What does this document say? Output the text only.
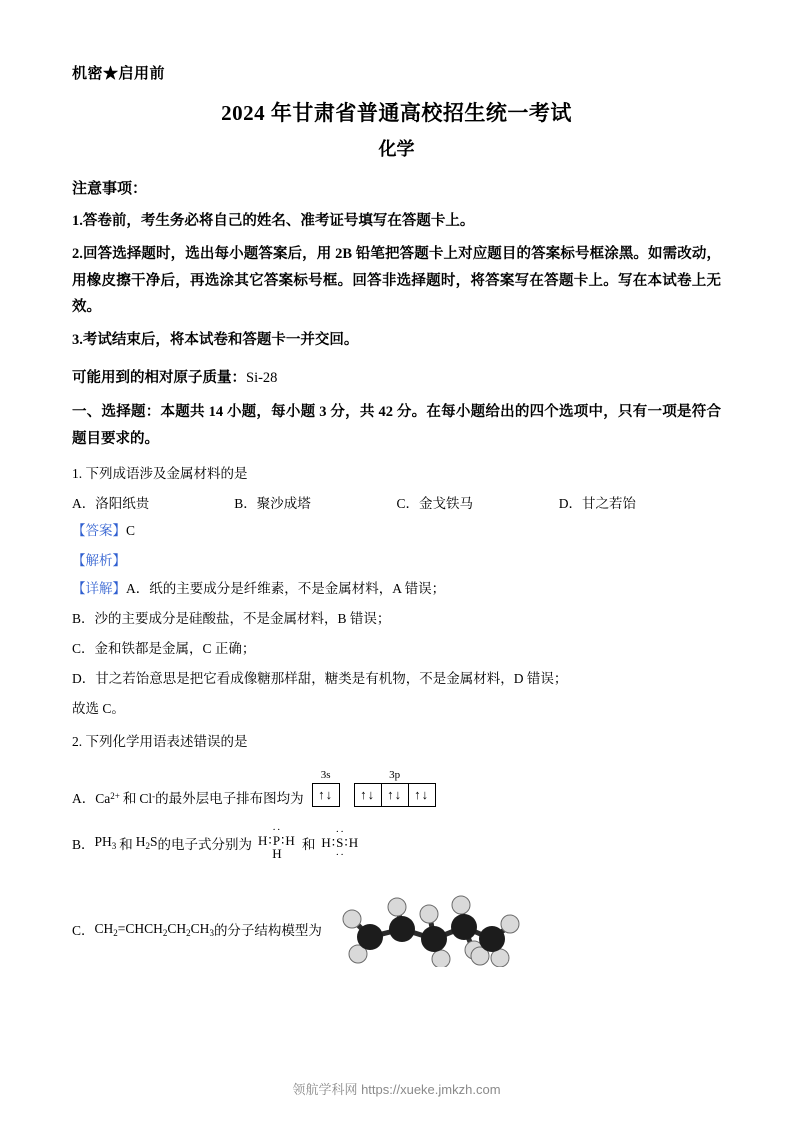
机密★启用前
2024 年甘肃省普通高校招生统一考试
化学
注意事项：
1.答卷前，考生务必将自己的姓名、准考证号填写在答题卡上。
2.回答选择题时，选出每小题答案后，用 2B 铅笔把答题卡上对应题目的答案标号框涂黑。如需改动，用橡皮擦干净后，再选涂其它答案标号框。回答非选择题时，将答案写在答题卡上。写在本试卷上无效。
3.考试结束后，将本试卷和答题卡一并交回。
可能用到的相对原子质量：Si-28
一、选择题：本题共 14 小题，每小题 3 分，共 42 分。在每小题给出的四个选项中，只有一项是符合题目要求的。
1. 下列成语涉及金属材料的是
A．洛阳纸贵	B．聚沙成塔	C．金戈铁马	D．甘之若饴
【答案】C
【解析】
【详解】A．纸的主要成分是纤维素，不是金属材料，A 错误；
B．沙的主要成分是硅酸盐，不是金属材料，B 错误；
C．金和铁都是金属，C 正确；
D．甘之若饴意思是把它看成像糖那样甜，糖类是有机物，不是金属材料，D 错误；
故选 C。
2. 下列化学用语表述错误的是
A． $Ca^{2+}$ 和 Cl- 的最外层电子排布图均为
3s
↑↓
3p
↑↓ ↑↓ ↑↓
B． $PH_3$ 和 $H_2S$ 的电子式分别为
··
H∶P∶H
H
和
··
H∶S∶H
··
C． $CH_2=CHCH_2CH_2CH_3$ 的分子结构模型为
领航学科网 https://xueke.jmkzh.com
